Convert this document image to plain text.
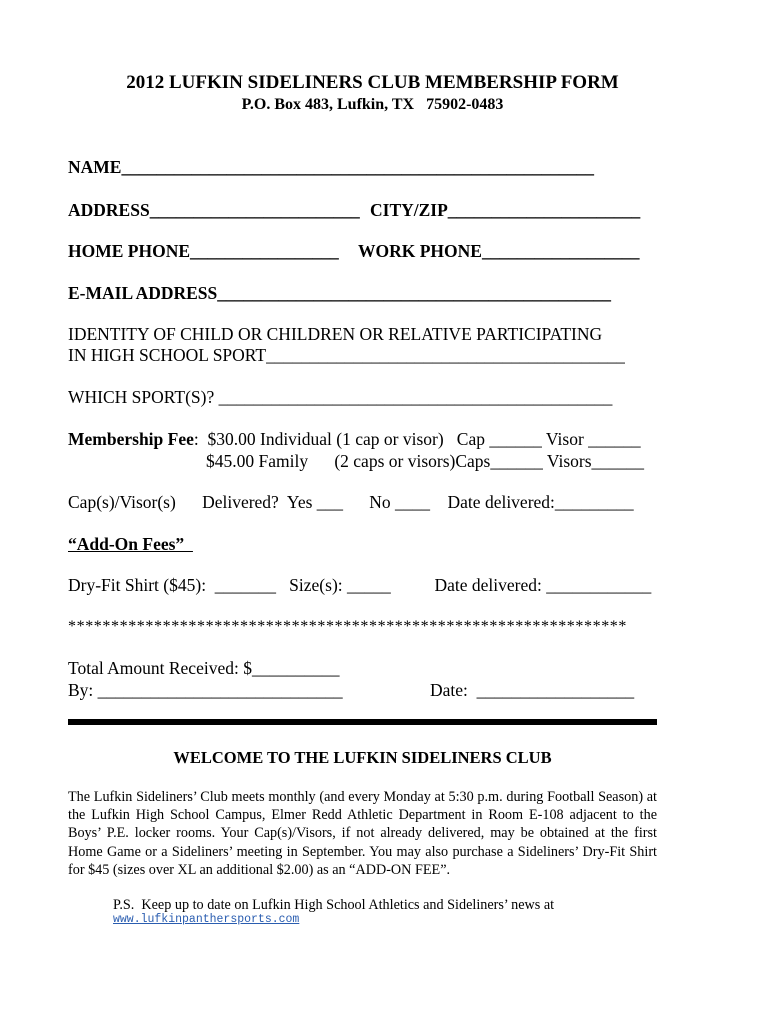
2012 LUFKIN SIDELINERS CLUB MEMBERSHIP FORM
P.O. Box 483, Lufkin, TX   75902-0483
NAME______________________________________________________
ADDRESS________________________ CITY/ZIP______________________
HOME PHONE_________________ WORK PHONE__________________
E-MAIL ADDRESS_____________________________________________
IDENTITY OF CHILD OR CHILDREN OR RELATIVE PARTICIPATING
IN HIGH SCHOOL SPORT_________________________________________
WHICH SPORT(S)? _____________________________________________
Membership Fee:  $30.00 Individual (1 cap or visor)   Cap ______ Visor ______
$45.00 Family      (2 caps or visors)Caps______ Visors______
Cap(s)/Visor(s)      Delivered?  Yes ___      No ____    Date delivered:_________
“Add-On Fees”
Dry-Fit Shirt ($45):  _______   Size(s): _____          Date delivered: ____________
*****************************************************************
Total Amount Received: $__________
By: ____________________________	Date:  __________________
WELCOME TO THE LUFKIN SIDELINERS CLUB
The Lufkin Sideliners’ Club meets monthly (and every Monday at 5:30 p.m. during Football Season) at the Lufkin High School Campus, Elmer Redd Athletic Department in Room E-108 adjacent to the Boys’ P.E. locker rooms. Your Cap(s)/Visors, if not already delivered, may be obtained at the first Home Game or a Sideliners’ meeting in September. You may also purchase a Sideliners’ Dry-Fit Shirt for $45 (sizes over XL an additional $2.00) as an “ADD-ON FEE”.
P.S.  Keep up to date on Lufkin High School Athletics and Sideliners’ news at
www.lufkinpanthersports.com
